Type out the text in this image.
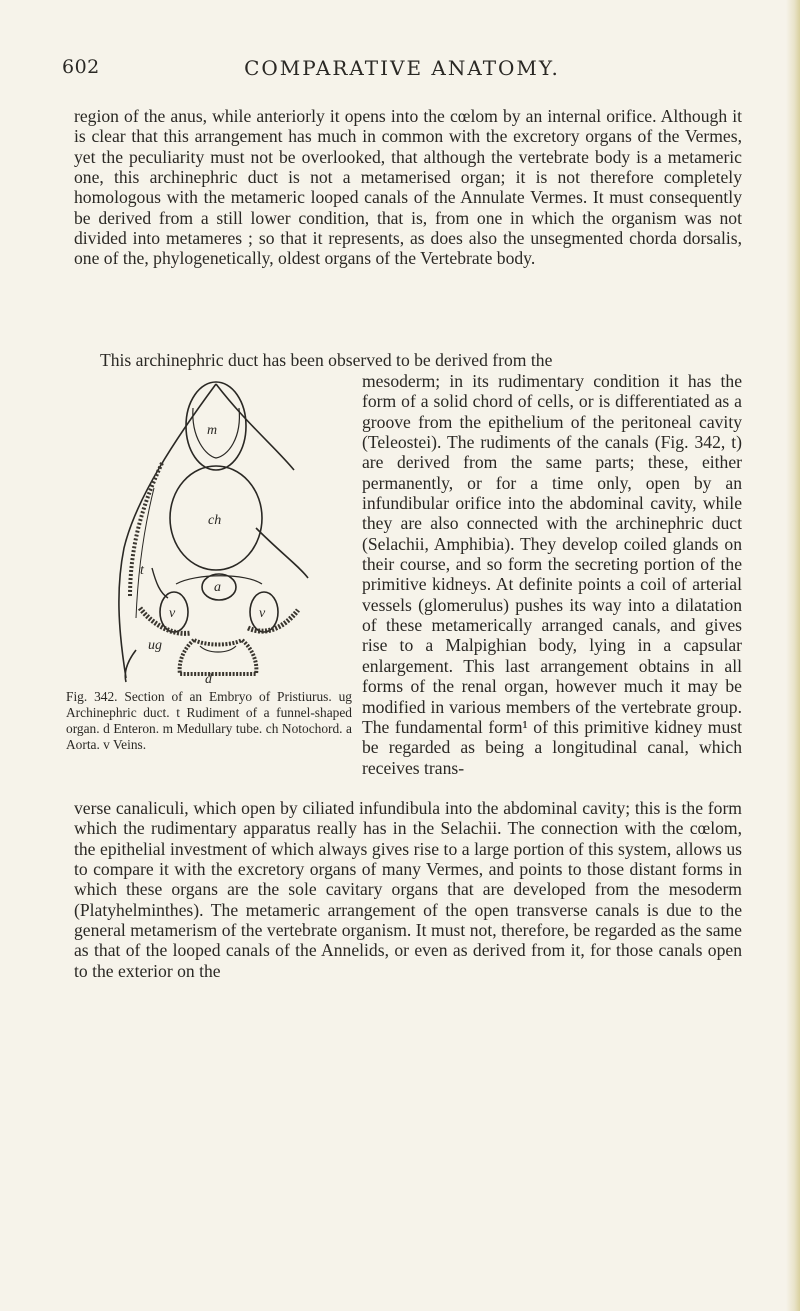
602	COMPARATIVE ANATOMY.

region of the anus, while anteriorly it opens into the cœlom by an internal orifice. Although it is clear that this arrangement has much in common with the excretory organs of the Vermes, yet the peculiarity must not be overlooked, that although the vertebrate body is a metameric one, this archinephric duct is not a metamerised organ; it is not therefore completely homologous with the metameric looped canals of the Annulate Vermes. It must consequently be derived from a still lower condition, that is, from one in which the organism was not divided into metameres ; so that it represents, as does also the unsegmented chorda dorsalis, one of the, phylogenetically, oldest organs of the Vertebrate body.

This archinephric duct has been observed to be derived from the

mesoderm; in its rudimentary condition it has the form of a solid chord of cells, or is differentiated as a groove from the epithelium of the peritoneal cavity (Teleostei). The rudiments of the canals (Fig. 342, t) are derived from the same parts; these, either permanently, or for a time only, open by an infundibular orifice into the abdominal cavity, while they are also connected with the archinephric duct (Selachii, Amphibia). They develop coiled glands on their course, and so form the secreting portion of the primitive kidneys. At definite points a coil of arterial vessels (glomerulus) pushes its way into a dilatation of these metamerically arranged canals, and gives rise to a Malpighian body, lying in a capsular enlargement. This last arrangement obtains in all forms of the renal organ, however much it may be modified in various members of the vertebrate group. The fundamental form¹ of this primitive kidney must be regarded as being a longitudinal canal, which receives trans-

verse canaliculi, which open by ciliated infundibula into the abdominal cavity; this is the form which the rudimentary apparatus really has in the Selachii. The connection with the cœlom, the epithelial investment of which always gives rise to a large portion of this system, allows us to compare it with the excretory organs of many Vermes, and points to those distant forms in which these organs are the sole cavitary organs that are developed from the mesoderm (Platyhelminthes). The metameric arrangement of the open transverse canals is due to the general metamerism of the vertebrate organism. It must not, therefore, be regarded as the same as that of the looped canals of the Annelids, or even as derived from it, for those canals open to the exterior on the

m
ch
a
v	v
t
ug
d
Fig. 342. Section of an Embryo of Pristiurus. ug Archinephric duct. t Rudiment of a funnel-shaped organ. d Enteron. m Medullary tube. ch Notochord. a Aorta. v Veins.
